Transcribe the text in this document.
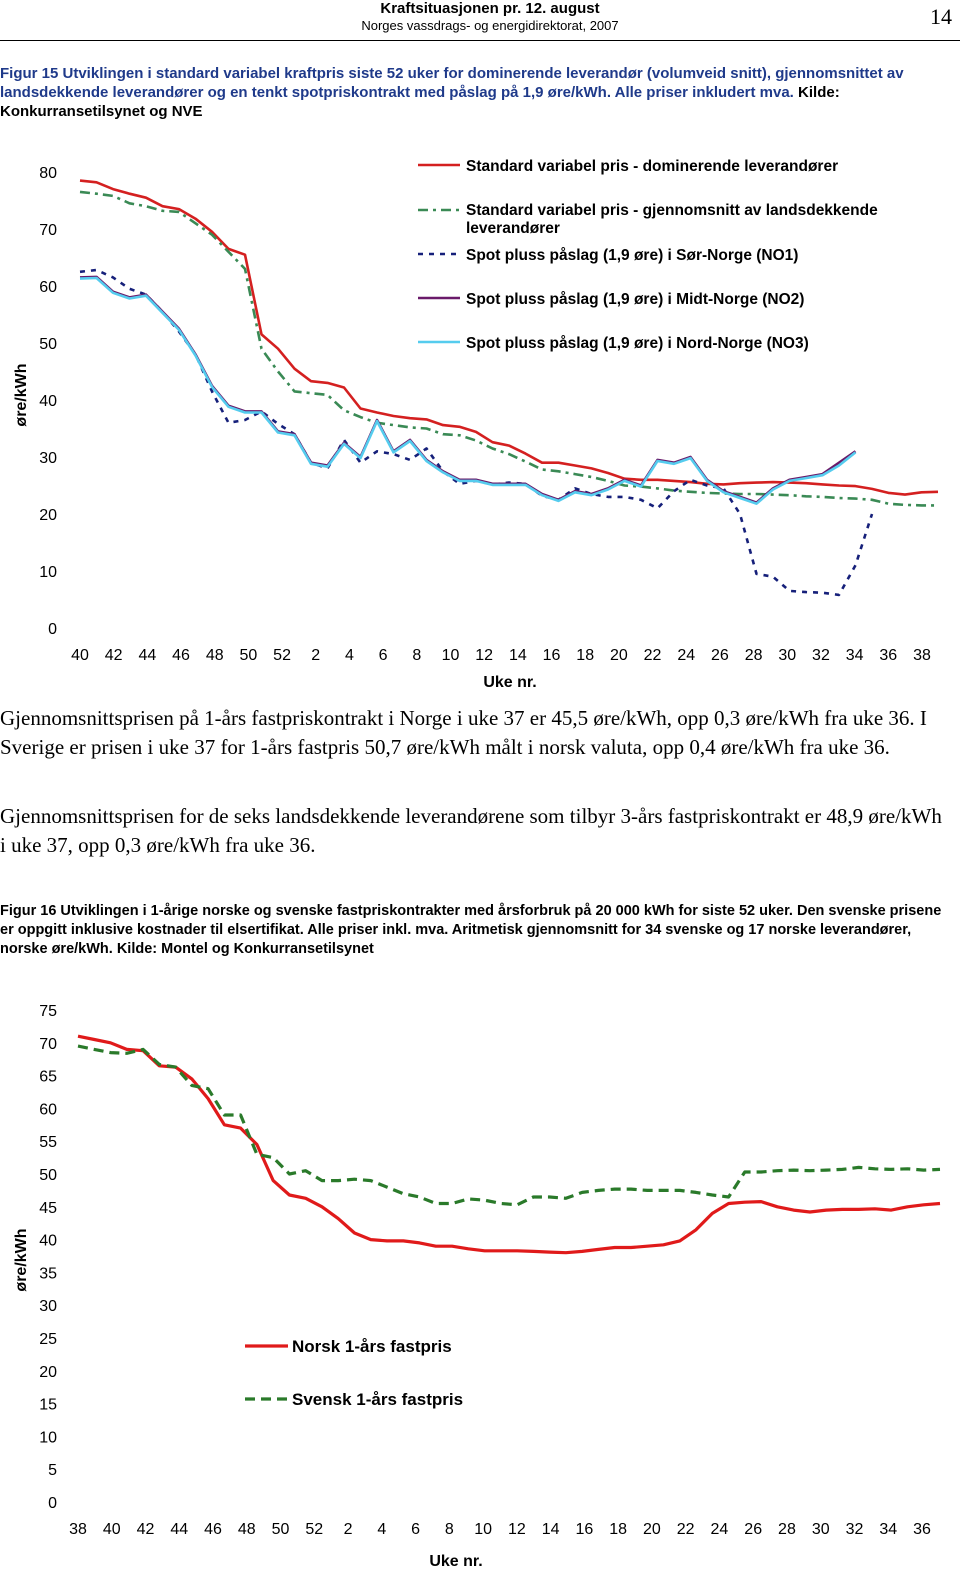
Kraftsituasjonen pr. 12. august
Norges vassdrags- og energidirektorat, 2007	14
Figur 15 Utviklingen i standard variabel kraftpris siste 52 uker for dominerende leverandør (volumveid snitt), gjennomsnittet av landsdekkende leverandører og en tenkt spotpriskontrakt med påslag på 1,9 øre/kWh. Alle priser inkludert mva. Kilde: Konkurransetilsynet og NVE
0
10
20
30
40
50
60
70
80
40 42 44 46 48 50 52 2 4 6 8 10 12 14 16 18 20 22 24 26 28 30 32 34 36 38
Uke nr.
øre/kWh
Standard variabel pris - dominerende leverandører
Standard variabel pris - gjennomsnitt av landsdekkende leverandører
Spot pluss påslag (1,9 øre) i Sør-Norge (NO1)
Spot pluss påslag (1,9 øre) i Midt-Norge (NO2)
Spot pluss påslag (1,9 øre) i Nord-Norge (NO3)
Gjennomsnittsprisen på 1-års fastpriskontrakt i Norge i uke 37 er 45,5 øre/kWh, opp 0,3 øre/kWh fra uke 36. I Sverige er prisen i uke 37 for 1-års fastpris 50,7 øre/kWh målt i norsk valuta, opp 0,4 øre/kWh fra uke 36.
Gjennomsnittsprisen for de seks landsdekkende leverandørene som tilbyr 3-års fastpriskontrakt er 48,9 øre/kWh i uke 37, opp 0,3 øre/kWh fra uke 36.
Figur 16 Utviklingen i 1-årige norske og svenske fastpriskontrakter med årsforbruk på 20 000 kWh for siste 52 uker. Den svenske prisene er oppgitt inklusive kostnader til elsertifikat. Alle priser inkl. mva. Aritmetisk gjennomsnitt for 34 svenske og 17 norske leverandører, norske øre/kWh. Kilde: Montel og Konkurransetilsynet
0
5
10
15
20
25
30
35
40
45
50
55
60
65
70
75
38 40 42 44 46 48 50 52 2 4 6 8 10 12 14 16 18 20 22 24 26 28 30 32 34 36
Uke nr.
øre/kWh
Norsk 1-års fastpris
Svensk 1-års fastpris
